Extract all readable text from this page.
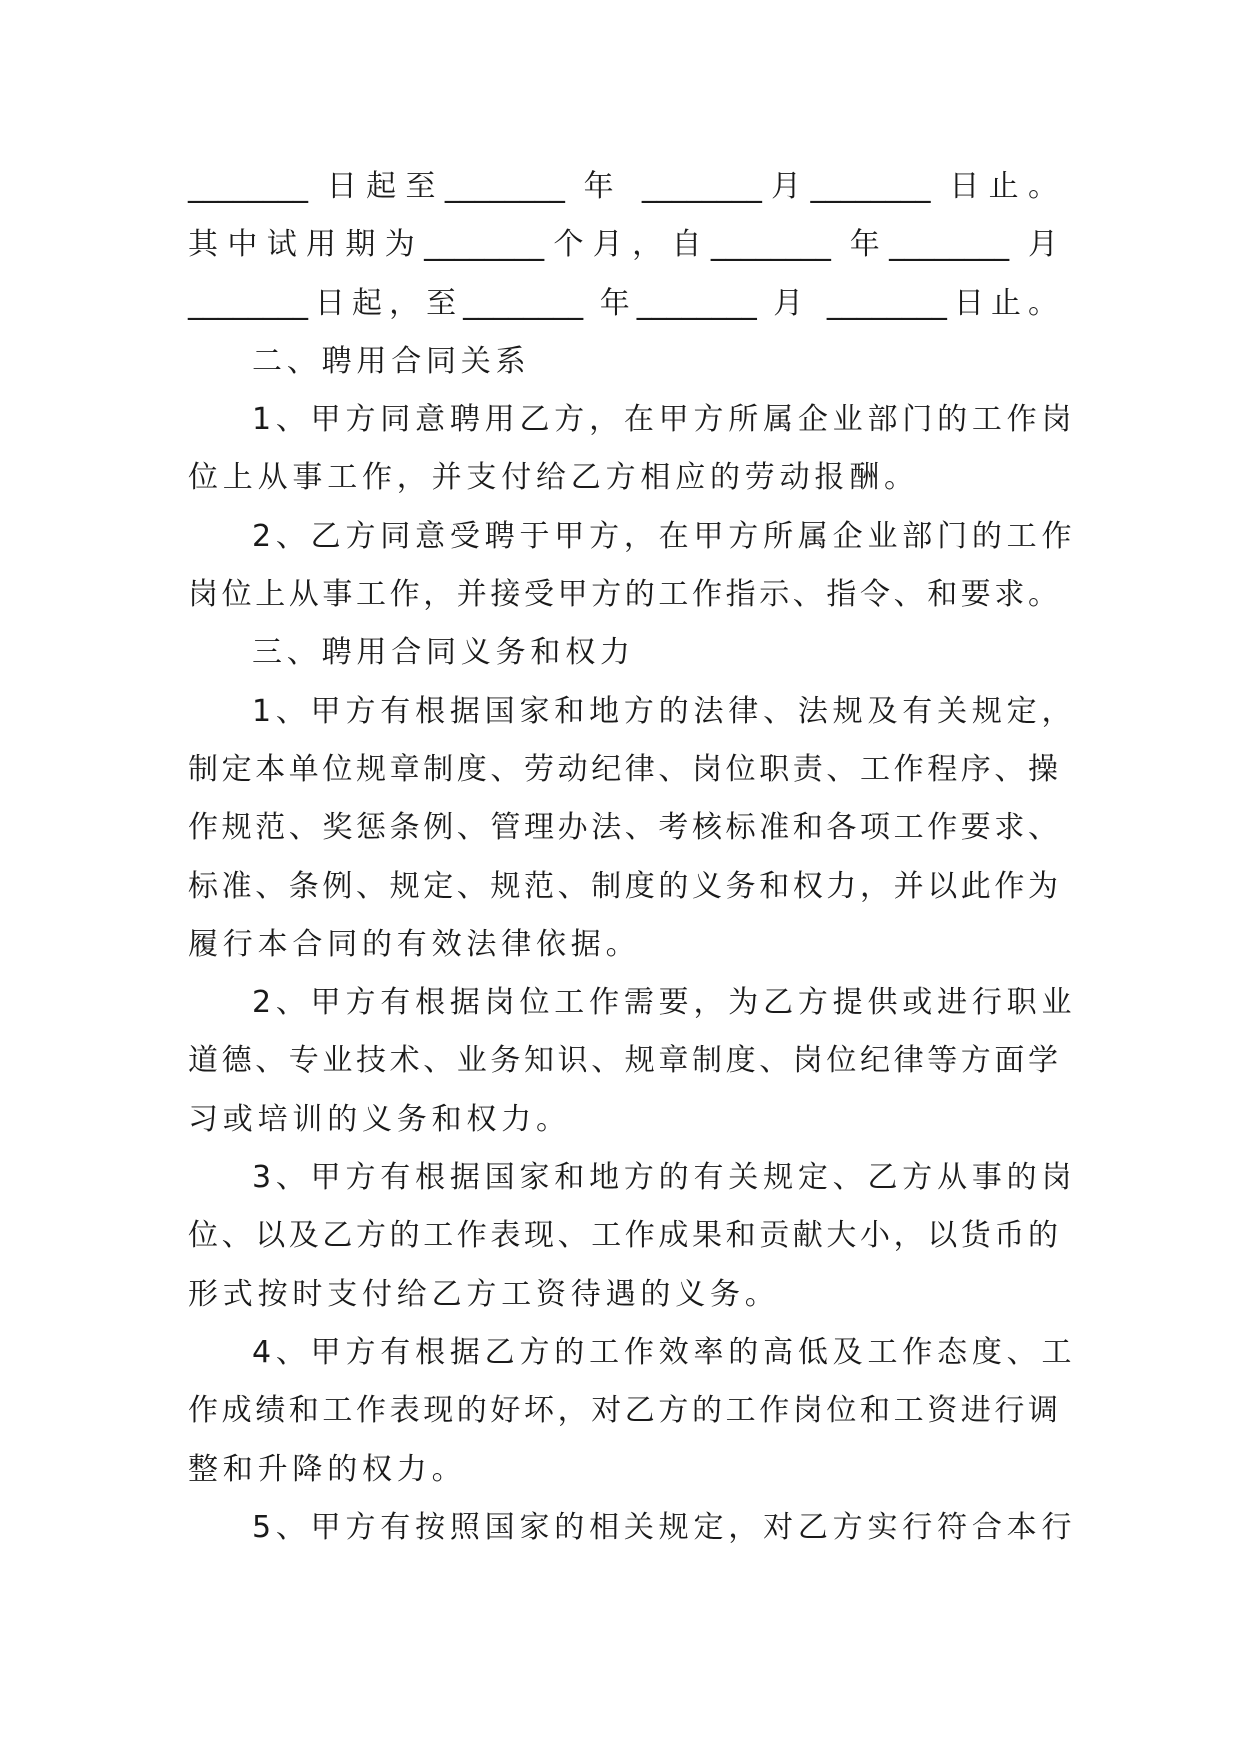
________ 日起至________ 年 ________月________ 日止。
其中试用期为________个月，自________ 年________ 月
________日起，至________ 年________ 月 ________日止。
二、聘用合同关系
1、甲方同意聘用乙方，在甲方所属企业部门的工作岗
位上从事工作，并支付给乙方相应的劳动报酬。
2、乙方同意受聘于甲方，在甲方所属企业部门的工作
岗位上从事工作，并接受甲方的工作指示、指令、和要求。
三、聘用合同义务和权力
1、甲方有根据国家和地方的法律、法规及有关规定，
制定本单位规章制度、劳动纪律、岗位职责、工作程序、操
作规范、奖惩条例、管理办法、考核标准和各项工作要求、
标准、条例、规定、规范、制度的义务和权力，并以此作为
履行本合同的有效法律依据。
2、甲方有根据岗位工作需要，为乙方提供或进行职业
道德、专业技术、业务知识、规章制度、岗位纪律等方面学
习或培训的义务和权力。
3、甲方有根据国家和地方的有关规定、乙方从事的岗
位、以及乙方的工作表现、工作成果和贡献大小，以货币的
形式按时支付给乙方工资待遇的义务。
4、甲方有根据乙方的工作效率的高低及工作态度、工
作成绩和工作表现的好坏，对乙方的工作岗位和工资进行调
整和升降的权力。
5、甲方有按照国家的相关规定，对乙方实行符合本行
